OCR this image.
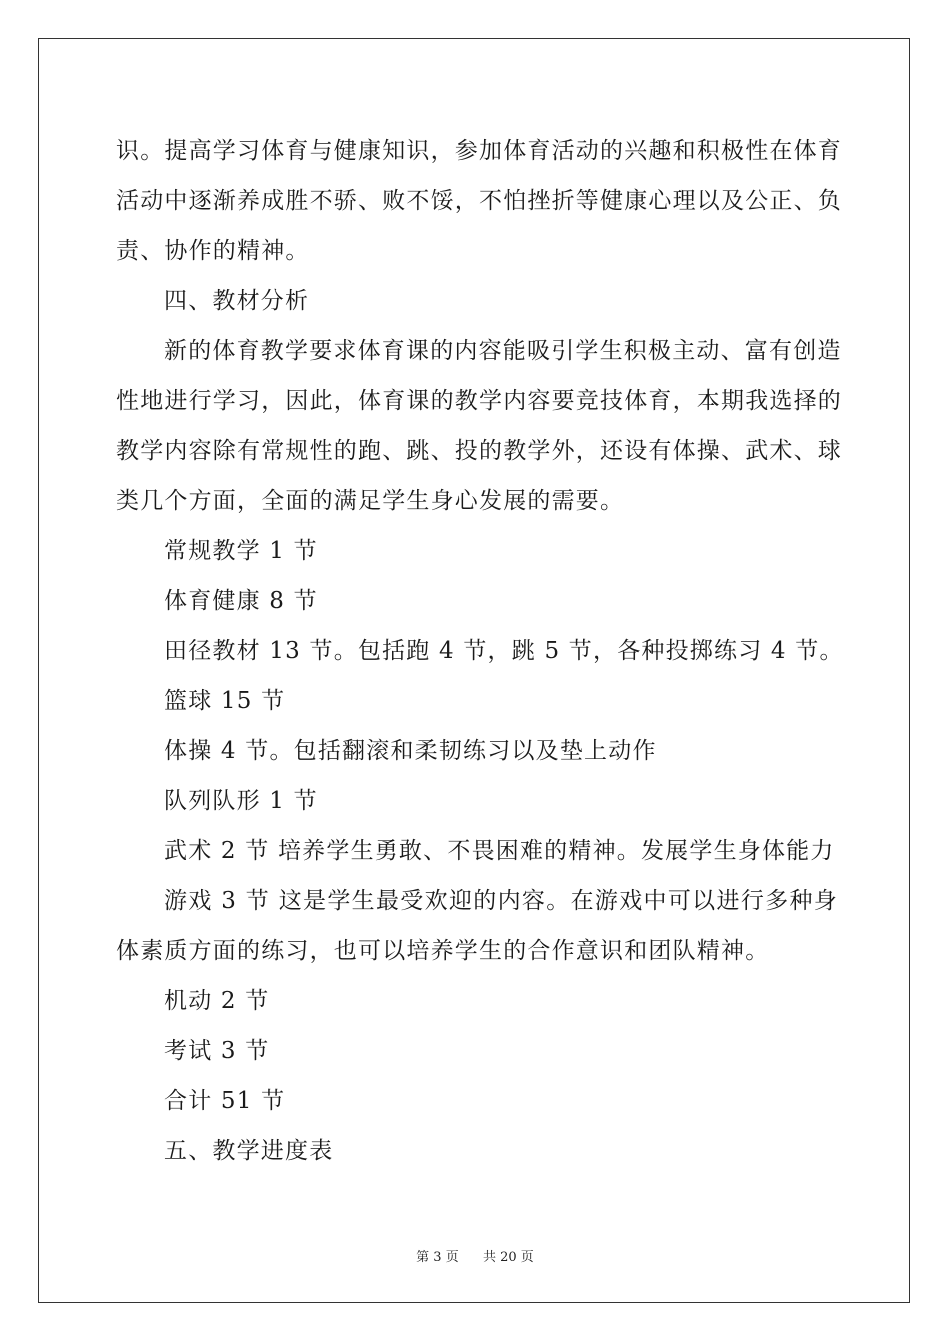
识。提高学习体育与健康知识，参加体育活动的兴趣和积极性在体育
活动中逐渐养成胜不骄、败不馁，不怕挫折等健康心理以及公正、负
责、协作的精神。
四、教材分析
新的体育教学要求体育课的内容能吸引学生积极主动、富有创造
性地进行学习，因此，体育课的教学内容要竞技体育，本期我选择的
教学内容除有常规性的跑、跳、投的教学外，还设有体操、武术、球
类几个方面，全面的满足学生身心发展的需要。
常规教学 1 节
体育健康 8 节
田径教材 13 节。包括跑 4 节，跳 5 节，各种投掷练习 4 节。
篮球 15 节
体操 4 节。包括翻滚和柔韧练习以及垫上动作
队列队形 1 节
武术 2 节 培养学生勇敢、不畏困难的精神。发展学生身体能力
游戏 3 节 这是学生最受欢迎的内容。在游戏中可以进行多种身
体素质方面的练习，也可以培养学生的合作意识和团队精神。
机动 2 节
考试 3 节
合计 51 节
五、教学进度表
第 3 页 共 20 页
